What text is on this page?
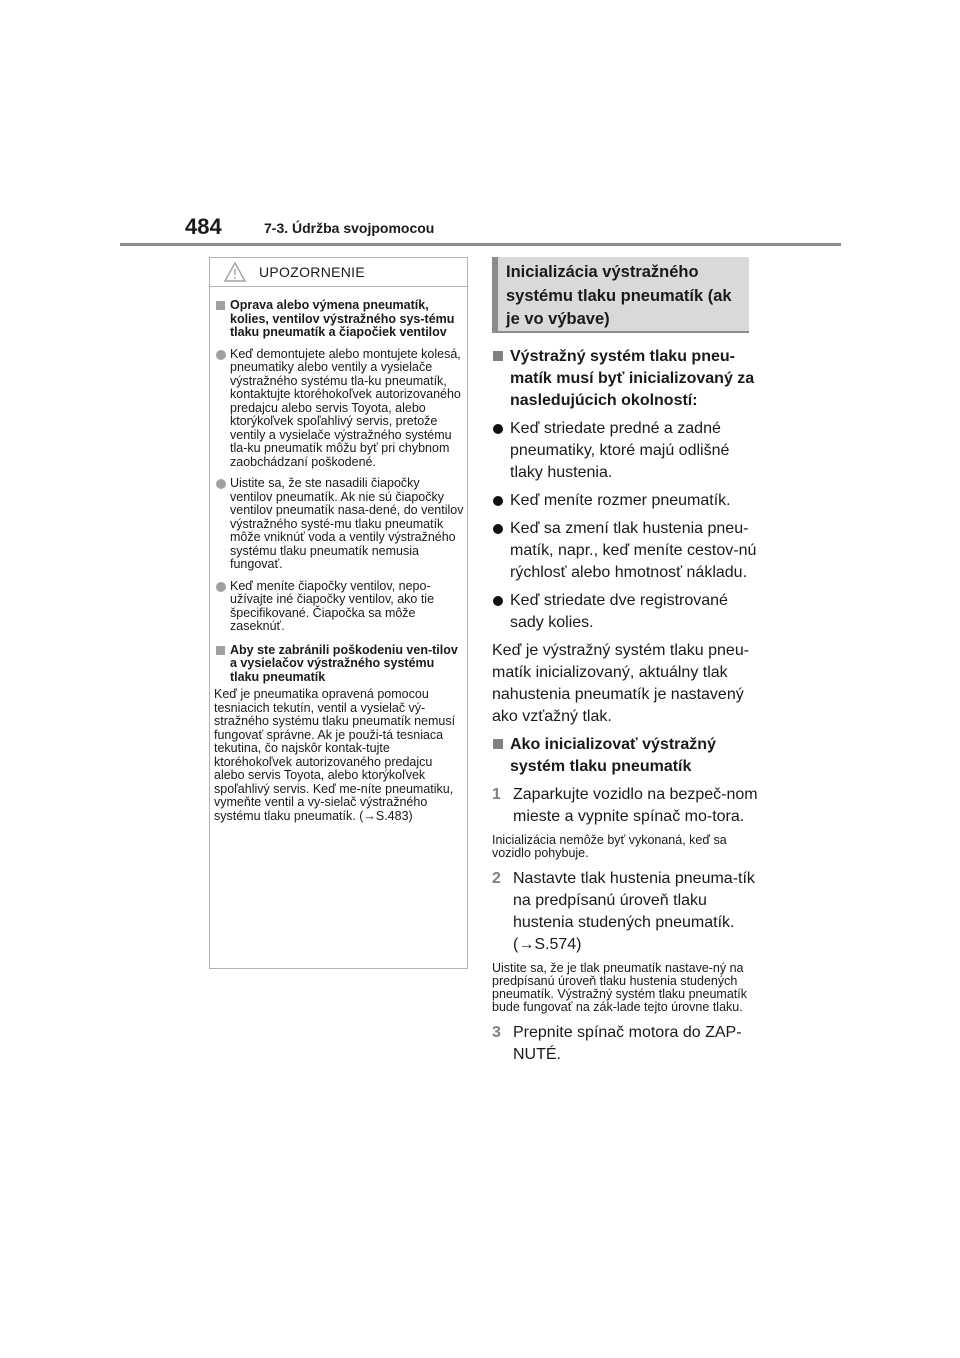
484	7-3. Údržba svojpomocou
UPOZORNENIE
Oprava alebo výmena pneumatík, kolies, ventilov výstražného sys-tému tlaku pneumatík a čiapočiek ventilov
Keď demontujete alebo montujete kolesá, pneumatiky alebo ventily a vysielače výstražného systému tla-ku pneumatík, kontaktujte ktoréhokoľvek autorizovaného predajcu alebo servis Toyota, alebo ktorýkoľvek spoľahlivý servis, pretože ventily a vysielače výstražného systému tla-ku pneumatík môžu byť pri chybnom zaobchádzaní poškodené.
Uistite sa, že ste nasadili čiapočky ventilov pneumatík. Ak nie sú čiapočky ventilov pneumatík nasa-dené, do ventilov výstražného systé-mu tlaku pneumatík môže vniknúť voda a ventily výstražného systému tlaku pneumatík nemusia fungovať.
Keď meníte čiapočky ventilov, nepo-užívajte iné čiapočky ventilov, ako tie špecifikované. Čiapočka sa môže zaseknúť.
Aby ste zabránili poškodeniu ven-tilov a vysielačov výstražného systému tlaku pneumatík
Keď je pneumatika opravená pomocou tesniacich tekutín, ventil a vysielač vý-stražného systému tlaku pneumatík nemusí fungovať správne. Ak je použi-tá tesniaca tekutina, čo najskôr kontak-tujte ktoréhokoľvek autorizovaného predajcu alebo servis Toyota, alebo ktorýkoľvek spoľahlivý servis. Keď me-níte pneumatiku, vymeňte ventil a vy-sielač výstražného systému tlaku pneumatík. (→S.483)
Inicializácia výstražného systému tlaku pneumatík (ak je vo výbave)
Výstražný systém tlaku pneu-matík musí byť inicializovaný za nasledujúcich okolností:
Keď striedate predné a zadné pneumatiky, ktoré majú odlišné tlaky hustenia.
Keď meníte rozmer pneumatík.
Keď sa zmení tlak hustenia pneu-matík, napr., keď meníte cestov-nú rýchlosť alebo hmotnosť nákladu.
Keď striedate dve registrované sady kolies.
Keď je výstražný systém tlaku pneu-matík inicializovaný, aktuálny tlak nahustenia pneumatík je nastavený ako vzťažný tlak.
Ako inicializovať výstražný systém tlaku pneumatík
1 Zaparkujte vozidlo na bezpeč-nom mieste a vypnite spínač mo-tora.
Inicializácia nemôže byť vykonaná, keď sa vozidlo pohybuje.
2 Nastavte tlak hustenia pneuma-tík na predpísanú úroveň tlaku hustenia studených pneumatík. (→S.574)
Uistite sa, že je tlak pneumatík nastave-ný na predpísanú úroveň tlaku hustenia studených pneumatík. Výstražný systém tlaku pneumatík bude fungovať na zák-lade tejto úrovne tlaku.
3 Prepnite spínač motora do ZAP-NUTÉ.
